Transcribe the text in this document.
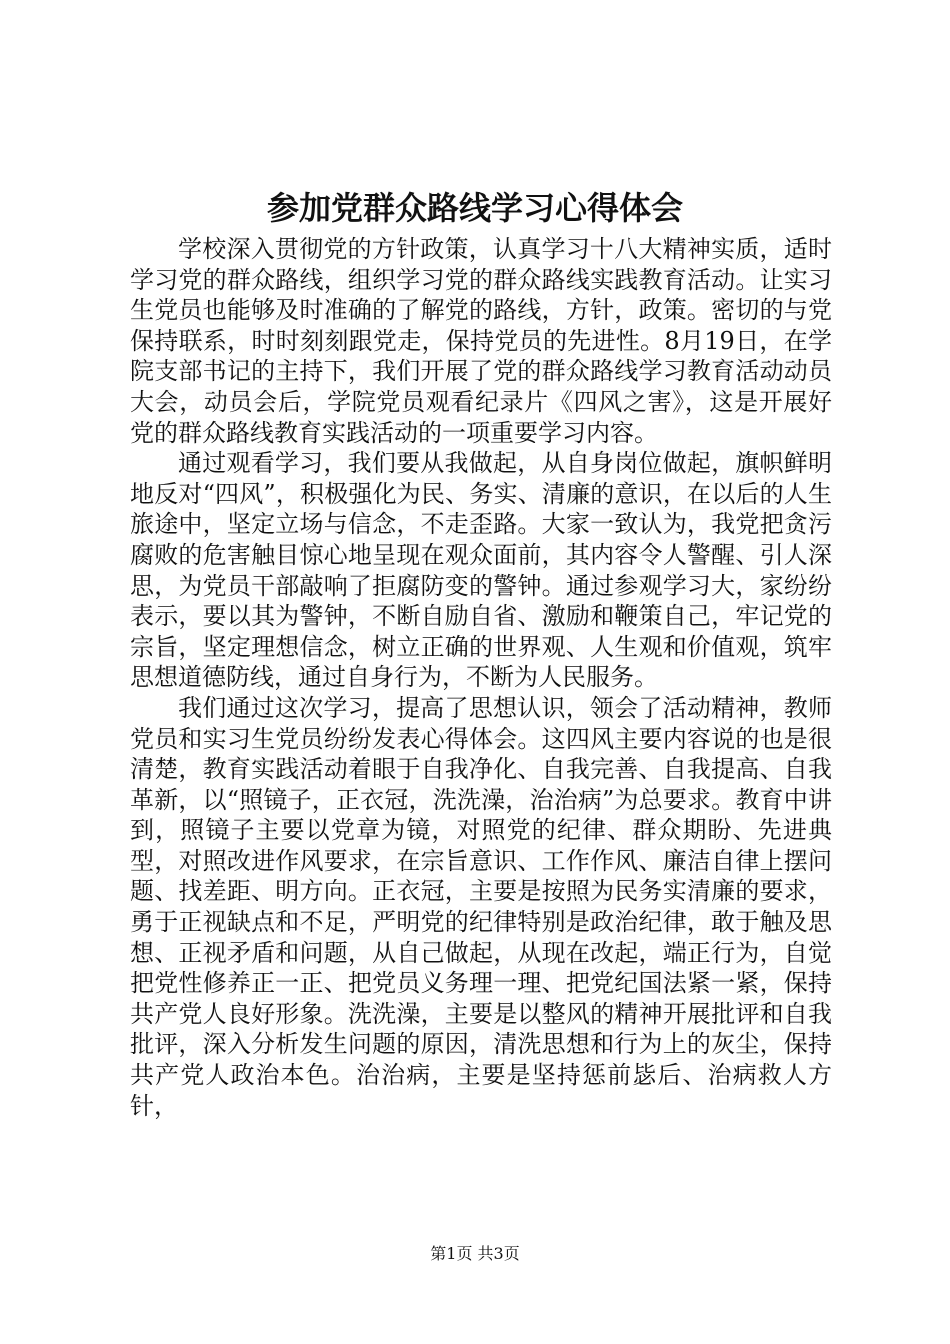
参加党群众路线学习心得体会

学校深入贯彻党的方针政策，认真学习十八大精神实质，适时学习党的群众路线，组织学习党的群众路线实践教育活动。让实习生党员也能够及时准确的了解党的路线，方针，政策。密切的与党保持联系，时时刻刻跟党走，保持党员的先进性。8月19日，在学院支部书记的主持下，我们开展了党的群众路线学习教育活动动员大会，动员会后，学院党员观看纪录片《四风之害》，这是开展好党的群众路线教育实践活动的一项重要学习内容。

通过观看学习，我们要从我做起，从自身岗位做起，旗帜鲜明地反对“四风”，积极强化为民、务实、清廉的意识，在以后的人生旅途中，坚定立场与信念，不走歪路。大家一致认为，我党把贪污腐败的危害触目惊心地呈现在观众面前，其内容令人警醒、引人深思，为党员干部敲响了拒腐防变的警钟。通过参观学习大，家纷纷表示，要以其为警钟，不断自励自省、激励和鞭策自己，牢记党的宗旨，坚定理想信念，树立正确的世界观、人生观和价值观，筑牢思想道德防线，通过自身行为，不断为人民服务。

我们通过这次学习，提高了思想认识，领会了活动精神，教师党员和实习生党员纷纷发表心得体会。这四风主要内容说的也是很清楚，教育实践活动着眼于自我净化、自我完善、自我提高、自我革新，以“照镜子，正衣冠，洗洗澡，治治病”为总要求。教育中讲到，照镜子主要以党章为镜，对照党的纪律、群众期盼、先进典型，对照改进作风要求，在宗旨意识、工作作风、廉洁自律上摆问题、找差距、明方向。正衣冠，主要是按照为民务实清廉的要求，勇于正视缺点和不足，严明党的纪律特别是政治纪律，敢于触及思想、正视矛盾和问题，从自己做起，从现在改起，端正行为，自觉把党性修养正一正、把党员义务理一理、把党纪国法紧一紧，保持共产党人良好形象。洗洗澡，主要是以整风的精神开展批评和自我批评，深入分析发生问题的原因，清洗思想和行为上的灰尘，保持共产党人政治本色。治治病，主要是坚持惩前毖后、治病救人方针，

第1页 共3页
